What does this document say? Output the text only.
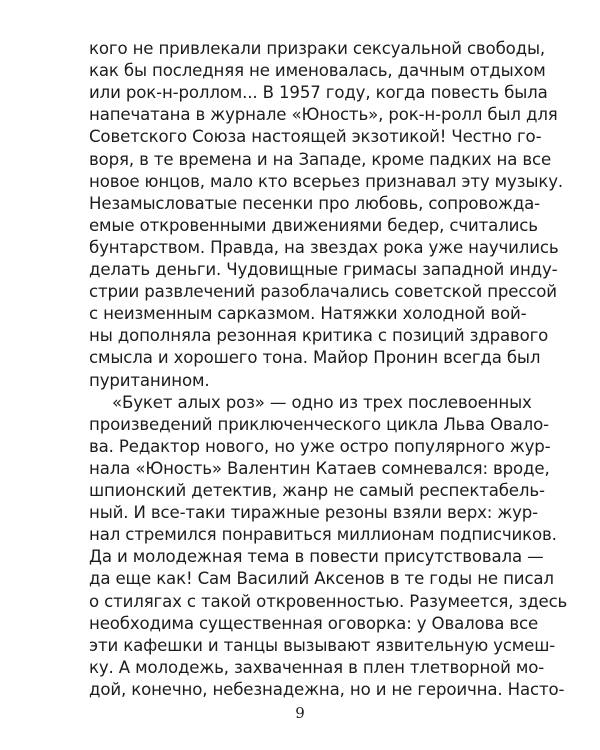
кого не привлекали призраки сексуальной свободы,
как бы последняя не именовалась, дачным отдыхом
или рок-н-роллом... В 1957 году, когда повесть была
напечатана в журнале «Юность», рок-н-ролл был для
Советского Союза настоящей экзотикой! Честно го-
воря, в те времена и на Западе, кроме падких на все
новое юнцов, мало кто всерьез признавал эту музыку.
Незамысловатые песенки про любовь, сопровожда-
емые откровенными движениями бедер, считались
бунтарством. Правда, на звездах рока уже научились
делать деньги. Чудовищные гримасы западной инду-
стрии развлечений разоблачались советской прессой
с неизменным сарказмом. Натяжки холодной вой-
ны дополняла резонная критика с позиций здравого
смысла и хорошего тона. Майор Пронин всегда был
пуританином.
«Букет алых роз» — одно из трех послевоенных
произведений приключенческого цикла Льва Овало-
ва. Редактор нового, но уже остро популярного жур-
нала «Юность» Валентин Катаев сомневался: вроде,
шпионский детектив, жанр не самый респектабель-
ный. И все-таки тиражные резоны взяли верх: жур-
нал стремился понравиться миллионам подписчиков.
Да и молодежная тема в повести присутствовала —
да еще как! Сам Василий Аксенов в те годы не писал
о стилягах с такой откровенностью. Разумеется, здесь
необходима существенная оговорка: у Овалова все
эти кафешки и танцы вызывают язвительную усмеш-
ку. А молодежь, захваченная в плен тлетворной мо-
дой, конечно, небезнадежна, но и не героична. Насто-
9
